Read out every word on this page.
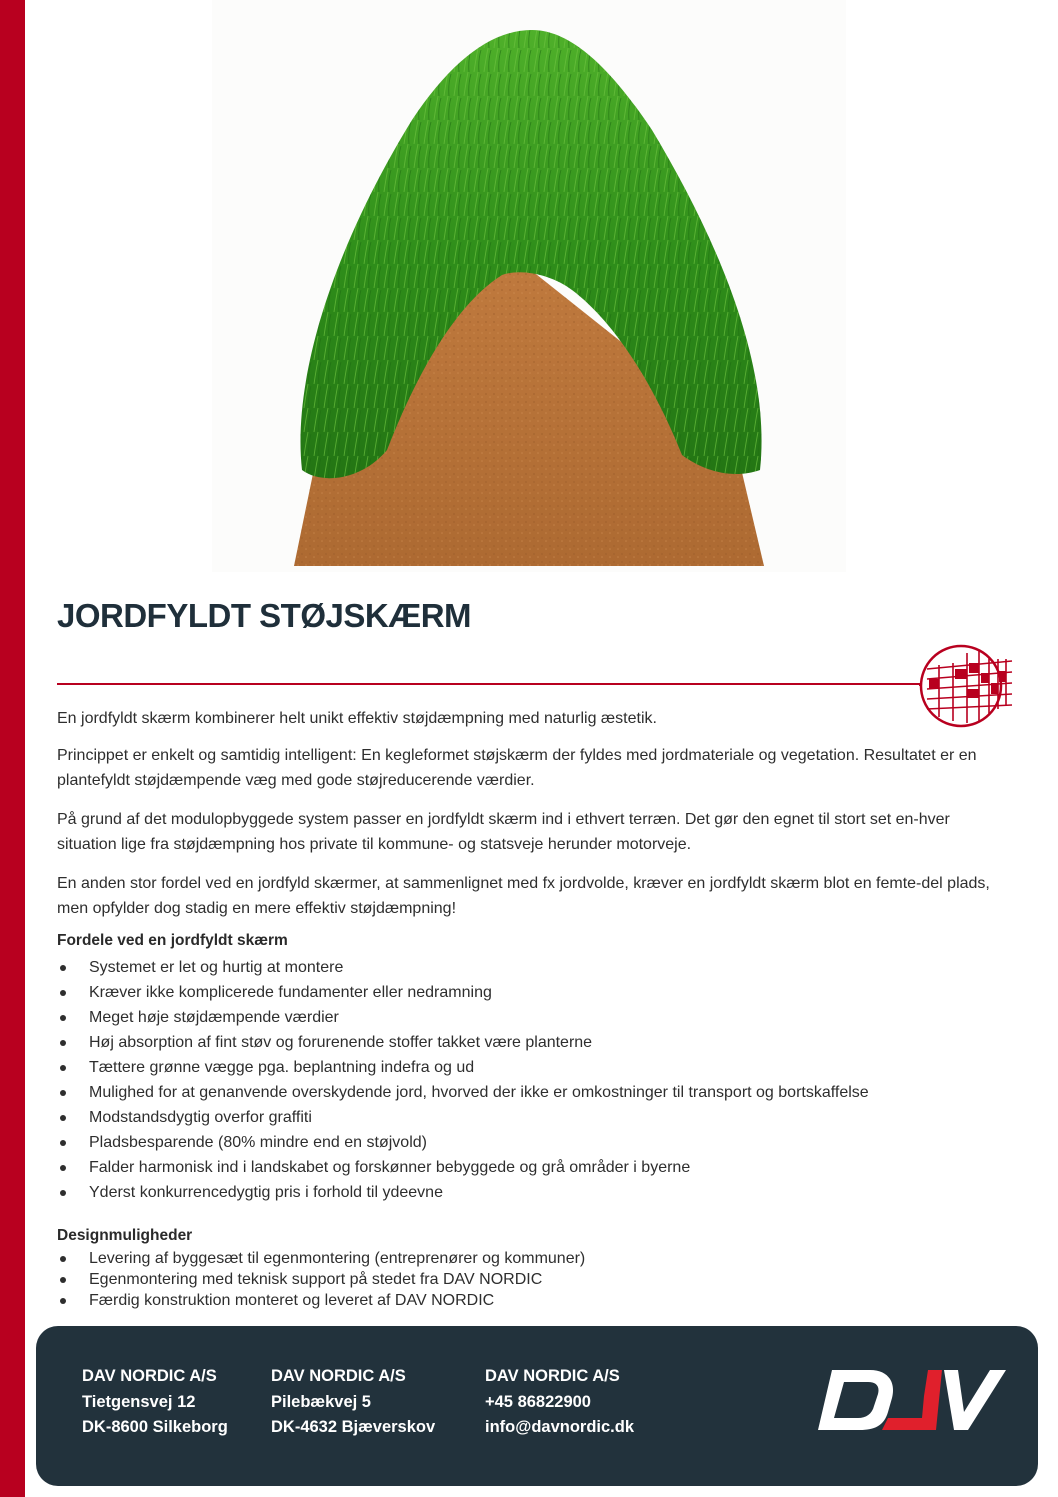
JORDFYLDT STØJSKÆRM

En jordfyldt skærm kombinerer helt unikt effektiv støjdæmpning med naturlig æstetik.

Princippet er enkelt og samtidig intelligent: En kegleformet støjskærm der fyldes med jordmateriale og vegetation. Resultatet er en plantefyldt støjdæmpende væg med gode støjreducerende værdier.

På grund af det modulopbyggede system passer en jordfyldt skærm ind i ethvert terræn. Det gør den egnet til stort set en-hver situation lige fra støjdæmpning hos private til kommune- og statsveje herunder motorveje.

En anden stor fordel ved en jordfyld skærmer, at sammenlignet med fx jordvolde, kræver en jordfyldt skærm blot en femte-del plads, men opfylder dog stadig en mere effektiv støjdæmpning!

Fordele ved en jordfyldt skærm
Systemet er let og hurtig at montere
Kræver ikke komplicerede fundamenter eller nedramning
Meget høje støjdæmpende værdier
Høj absorption af fint støv og forurenende stoffer takket være planterne
Tættere grønne vægge pga. beplantning indefra og ud
Mulighed for at genanvende overskydende jord, hvorved der ikke er omkostninger til transport og bortskaffelse
Modstandsdygtig overfor graffiti
Pladsbesparende (80% mindre end en støjvold)
Falder harmonisk ind i landskabet og forskønner bebyggede og grå områder i byerne
Yderst konkurrencedygtig pris i forhold til ydeevne
Designmuligheder
Levering af byggesæt til egenmontering (entreprenører og kommuner)
Egenmontering med teknisk support på stedet fra DAV NORDIC
Færdig konstruktion monteret og leveret af DAV NORDIC
DAV NORDIC A/S
Tietgensvej 12
DK-8600 Silkeborg
DAV NORDIC A/S
Pilebækvej 5
DK-4632 Bjæverskov
DAV NORDIC A/S
+45 86822900
info@davnordic.dk
